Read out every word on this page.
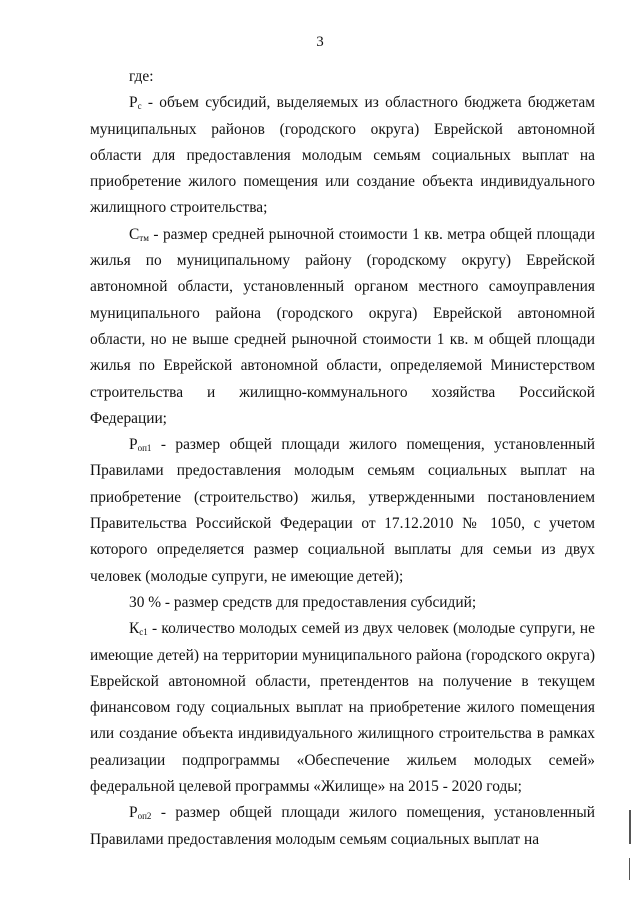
3

где:

$P_c$ - объем субсидий, выделяемых из областного бюджета бюджетам муниципальных районов (городского округа) Еврейской автономной области для предоставления молодым семьям социальных выплат на приобретение жилого помещения или создание объекта индивидуального жилищного строительства;

$C_{тм}$ - размер средней рыночной стоимости 1 кв. метра общей площади жилья по муниципальному району (городскому округу) Еврейской автономной области, установленный органом местного самоуправления муниципального района (городского округа) Еврейской автономной области, но не выше средней рыночной стоимости 1 кв. м общей площади жилья по Еврейской автономной области, определяемой Министерством строительства и жилищно-коммунального хозяйства Российской Федерации;

$P_{оп1}$ - размер общей площади жилого помещения, установленный Правилами предоставления молодым семьям социальных выплат на приобретение (строительство) жилья, утвержденными постановлением Правительства Российской Федерации от 17.12.2010 № 1050, с учетом которого определяется размер социальной выплаты для семьи из двух человек (молодые супруги, не имеющие детей);

30 % - размер средств для предоставления субсидий;

$К_{с1}$ - количество молодых семей из двух человек (молодые супруги, не имеющие детей) на территории муниципального района (городского округа) Еврейской автономной области, претендентов на получение в текущем финансовом году социальных выплат на приобретение жилого помещения или создание объекта индивидуального жилищного строительства в рамках реализации подпрограммы «Обеспечение жильем молодых семей» федеральной целевой программы «Жилище» на 2015 - 2020 годы;

$P_{оп2}$ - размер общей площади жилого помещения, установленный Правилами предоставления молодым семьям социальных выплат на
